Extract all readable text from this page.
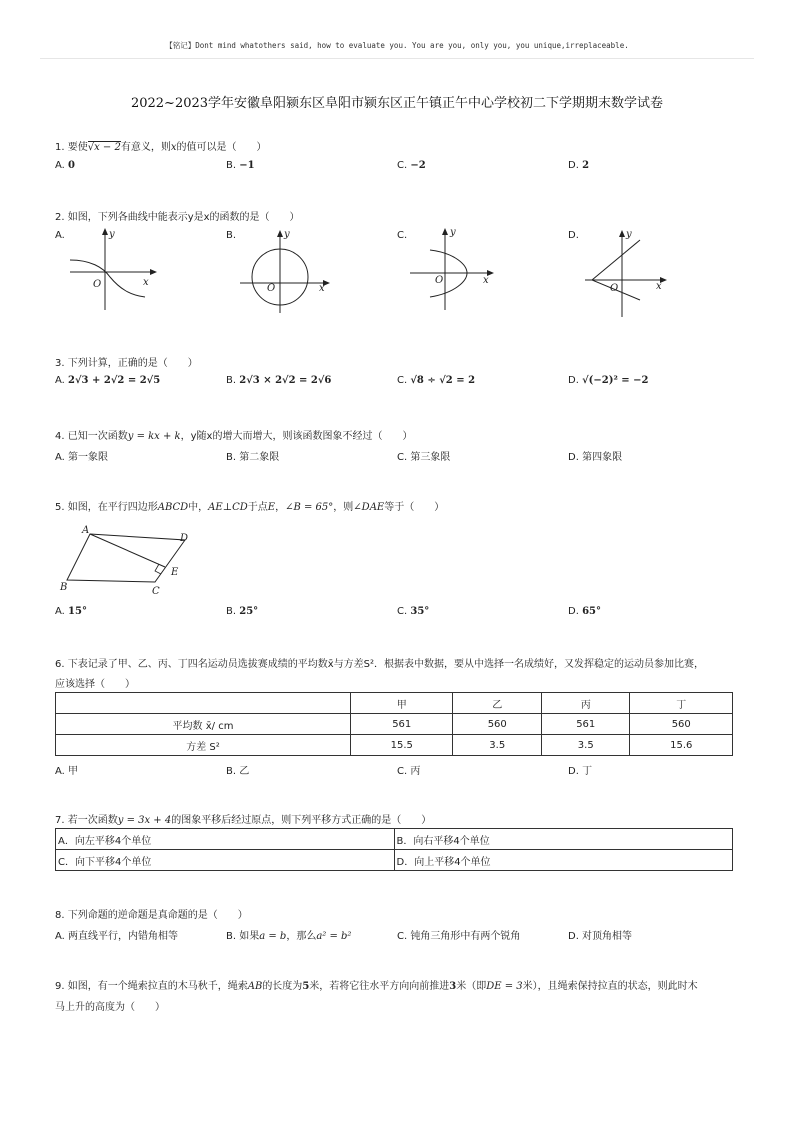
【铭记】Dont mind whatothers said, how to evaluate you. You are you, only you, you unique,irreplaceable.
2022~2023学年安徽阜阳颍东区阜阳市颍东区正午镇正午中心学校初二下学期期末数学试卷
1. 要使√x − 2有意义，则x的值可以是（　　）
A. 0	B. −1	C. −2	D. 2
2. 如图，下列各曲线中能表示y是x的函数的是（　　）
A.	B.	C.	D.
y
x
O
y
x
O
y
x
O
y
x
O
3. 下列计算，正确的是（　　）
A. 2√3 + 2√2 = 2√5	B. 2√3 × 2√2 = 2√6	C. √8 ÷ √2 = 2	D. √(−2)² = −2
4. 已知一次函数y = kx + k，y随x的增大而增大，则该函数图象不经过（　　）
A. 第一象限	B. 第二象限	C. 第三象限	D. 第四象限
5. 如图，在平行四边形ABCD中，AE⊥CD于点E，∠B = 65°，则∠DAE等于（　　）
A
D
B	C
E
A. 15°	B. 25°	C. 35°	D. 65°
6. 下表记录了甲、乙、丙、丁四名运动员选拔赛成绩的平均数x̄与方差S²．根据表中数据，要从中选择一名成绩好，又发挥稳定的运动员参加比赛，
应该选择（　　）
	甲	乙	丙	丁
平均数 x̄/ cm	561	560	561	560
方差 S²	15.5	3.5	3.5	15.6
A. 甲	B. 乙	C. 丙	D. 丁
7. 若一次函数y = 3x + 4的图象平移后经过原点，则下列平移方式正确的是（　　）
A．向左平移4个单位	B．向右平移4个单位
C．向下平移4个单位	D．向上平移4个单位
8. 下列命题的逆命题是真命题的是（　　）
A. 两直线平行，内错角相等	B. 如果a = b，那么a² = b²	C. 钝角三角形中有两个锐角	D. 对顶角相等
9. 如图，有一个绳索拉直的木马秋千，绳索AB的长度为5米，若将它往水平方向向前推进3米（即DE = 3米），且绳索保持拉直的状态，则此时木
马上升的高度为（　　）
